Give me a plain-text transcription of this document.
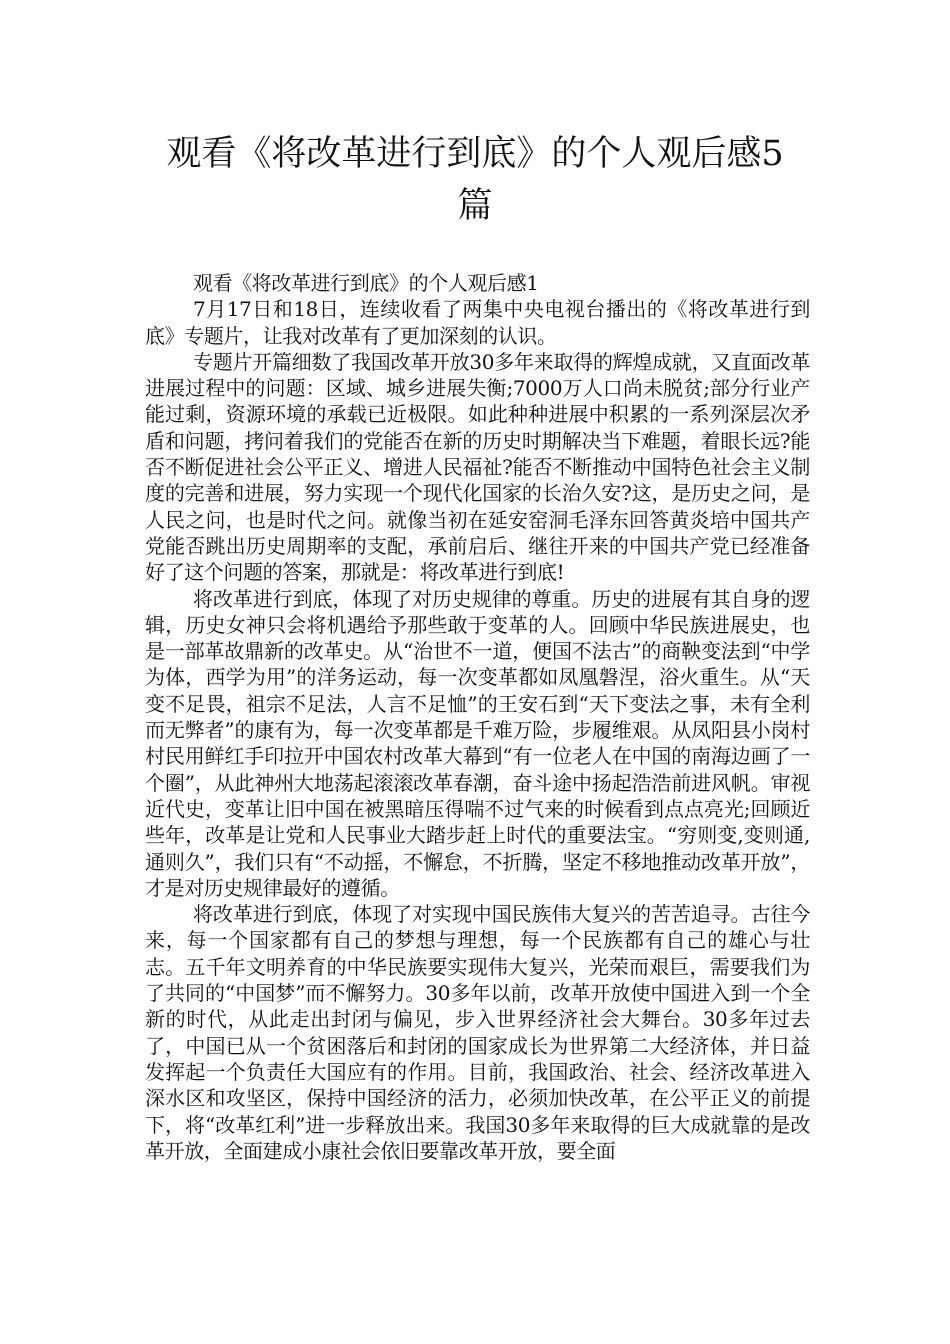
观看《将改革进行到底》的个人观后感5篇

观看《将改革进行到底》的个人观后感1

7月17日和18日，连续收看了两集中央电视台播出的《将改革进行到底》专题片，让我对改革有了更加深刻的认识。

专题片开篇细数了我国改革开放30多年来取得的辉煌成就，又直面改革进展过程中的问题：区域、城乡进展失衡;7000万人口尚未脱贫;部分行业产能过剩，资源环境的承载已近极限。如此种种进展中积累的一系列深层次矛盾和问题，拷问着我们的党能否在新的历史时期解决当下难题，着眼长远?能否不断促进社会公平正义、增进人民福祉?能否不断推动中国特色社会主义制度的完善和进展，努力实现一个现代化国家的长治久安?这，是历史之问，是人民之问，也是时代之问。就像当初在延安窑洞毛泽东回答黄炎培中国共产党能否跳出历史周期率的支配，承前启后、继往开来的中国共产党已经准备好了这个问题的答案，那就是：将改革进行到底!

将改革进行到底，体现了对历史规律的尊重。历史的进展有其自身的逻辑，历史女神只会将机遇给予那些敢于变革的人。回顾中华民族进展史，也是一部革故鼎新的改革史。从“治世不一道，便国不法古”的商鞅变法到“中学为体，西学为用”的洋务运动，每一次变革都如凤凰磐涅，浴火重生。从“天变不足畏，祖宗不足法，人言不足恤”的王安石到“天下变法之事，未有全利而无弊者”的康有为，每一次变革都是千难万险，步履维艰。从凤阳县小岗村村民用鲜红手印拉开中国农村改革大幕到“有一位老人在中国的南海边画了一个圈”，从此神州大地荡起滚滚改革春潮，奋斗途中扬起浩浩前进风帆。审视近代史，变革让旧中国在被黑暗压得喘不过气来的时候看到点点亮光;回顾近些年，改革是让党和人民事业大踏步赶上时代的重要法宝。“穷则变,变则通,通则久”，我们只有“不动摇，不懈怠，不折腾，坚定不移地推动改革开放”，才是对历史规律最好的遵循。

将改革进行到底，体现了对实现中国民族伟大复兴的苦苦追寻。古往今来，每一个国家都有自己的梦想与理想，每一个民族都有自己的雄心与壮志。五千年文明养育的中华民族要实现伟大复兴，光荣而艰巨，需要我们为了共同的“中国梦”而不懈努力。30多年以前，改革开放使中国进入到一个全新的时代，从此走出封闭与偏见，步入世界经济社会大舞台。30多年过去了，中国已从一个贫困落后和封闭的国家成长为世界第二大经济体，并日益发挥起一个负责任大国应有的作用。目前，我国政治、社会、经济改革进入深水区和攻坚区，保持中国经济的活力，必须加快改革，在公平正义的前提下，将“改革红利”进一步释放出来。我国30多年来取得的巨大成就靠的是改革开放，全面建成小康社会依旧要靠改革开放，要全面
